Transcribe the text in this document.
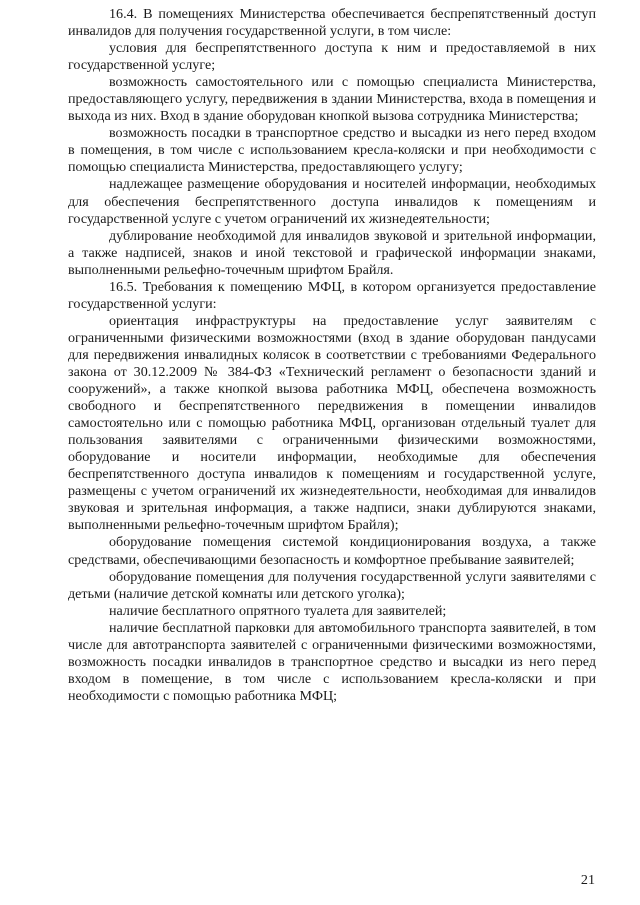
16.4. В помещениях Министерства обеспечивается беспрепятственный доступ инвалидов для получения государственной услуги, в том числе:

условия для беспрепятственного доступа к ним и предоставляемой в них государственной услуге;

возможность самостоятельного или с помощью специалиста Министерства, предоставляющего услугу, передвижения в здании Министерства, входа в помещения и выхода из них. Вход в здание оборудован кнопкой вызова сотрудника Министерства;

возможность посадки в транспортное средство и высадки из него перед входом в помещения, в том числе с использованием кресла-коляски и при необходимости с помощью специалиста Министерства, предоставляющего услугу;

надлежащее размещение оборудования и носителей информации, необходимых для обеспечения беспрепятственного доступа инвалидов к помещениям и государственной услуге с учетом ограничений их жизнедеятельности;

дублирование необходимой для инвалидов звуковой и зрительной информации, а также надписей, знаков и иной текстовой и графической информации знаками, выполненными рельефно-точечным шрифтом Брайля.

16.5. Требования к помещению МФЦ, в котором организуется предоставление государственной услуги:

ориентация инфраструктуры на предоставление услуг заявителям с ограниченными физическими возможностями (вход в здание оборудован пандусами для передвижения инвалидных колясок в соответствии с требованиями Федерального закона от 30.12.2009 № 384-ФЗ «Технический регламент о безопасности зданий и сооружений», а также кнопкой вызова работника МФЦ, обеспечена возможность свободного и беспрепятственного передвижения в помещении инвалидов самостоятельно или с помощью работника МФЦ, организован отдельный туалет для пользования заявителями с ограниченными физическими возможностями, оборудование и носители информации, необходимые для обеспечения беспрепятственного доступа инвалидов к помещениям и государственной услуге, размещены с учетом ограничений их жизнедеятельности, необходимая для инвалидов звуковая и зрительная информация, а также надписи, знаки дублируются знаками, выполненными рельефно-точечным шрифтом Брайля);

оборудование помещения системой кондиционирования воздуха, а также средствами, обеспечивающими безопасность и комфортное пребывание заявителей;

оборудование помещения для получения государственной услуги заявителями с детьми (наличие детской комнаты или детского уголка);

наличие бесплатного опрятного туалета для заявителей;

наличие бесплатной парковки для автомобильного транспорта заявителей, в том числе для автотранспорта заявителей с ограниченными физическими возможностями, возможность посадки инвалидов в транспортное средство и высадки из него перед входом в помещение, в том числе с использованием кресла-коляски и при необходимости с помощью работника МФЦ;

21
